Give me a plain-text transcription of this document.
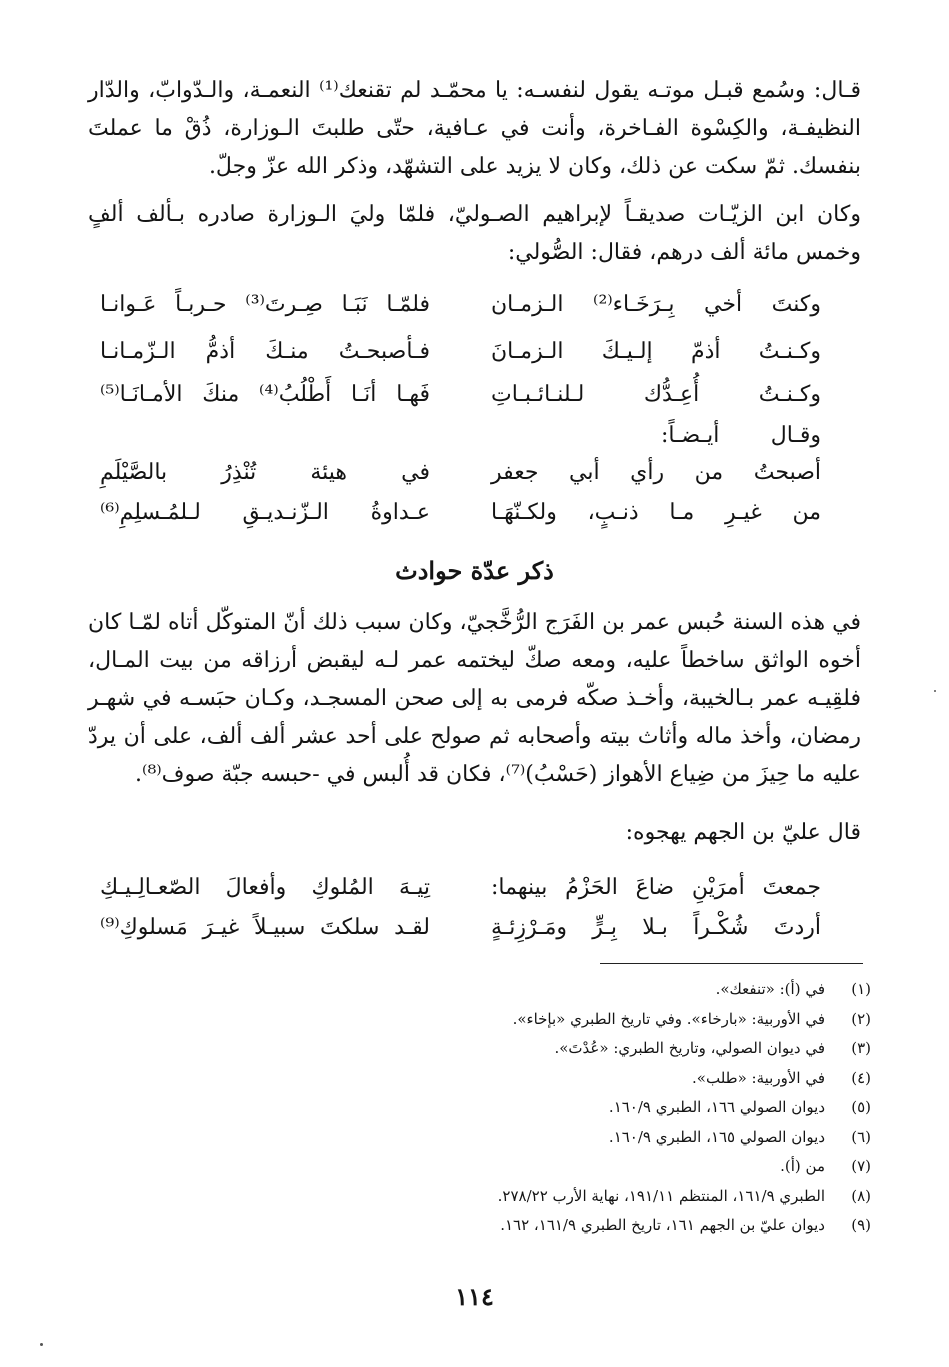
قـال: وسُمع قبـل موتـه يقول لنفسـه: يا محمّـد لم تقنعك⁽¹⁾ النعمـة، والـدّوابّ، والدّار النظيفـة، والكِسْوة الفـاخرة، وأنت في عـافية، حتّى طلبتَ الـوزارة، ذُقْ ما عملتَ بنفسك. ثمّ سكت عن ذلك، وكان لا يزيد على التشهّد، وذكر الله عزّ وجلّ.

وكان ابن الزيّـات صديقـاً لإبراهيم الصـوليّ، فلمّا وليَ الـوزارة صادره بـألف ألفٍ وخمس مائة ألف درهم، فقال: الصُّولي:

وكنتَ أخي بِـرَخَـاء⁽²⁾ الـزمـان
فلمّـا نَبَـا صِـرتَ⁽³⁾ حـربـاً عَـوانـا
وكـنـتُ أذمّ إلـيـكَ الـزمـانَ
فـأصبحـتُ منـكَ أذمُّ الـزّمـانـا
وكـنـتُ أُعِـدُّك لـلنـائـبـاتِ
فَهـا أنَـا أَطْلُبُ⁽⁴⁾ منكَ الأمـانَـا⁽⁵⁾
وقـال أيـضـاً:
أصبحتُ من رأي أبي جعفر
في هيئة تُنْذِرُ بالصَّيْلَمِ
من غيـرِ مـا ذنـبٍ، ولكـنّهَـا
عـداوةُ الـزّنـديـقِ لـلمُـسلِمِ⁽⁶⁾
ذكر عدّة حوادث

في هذه السنة حُبس عمر بن الفَرَج الرُّخَّجيّ، وكان سبب ذلك أنّ المتوكّل أتاه لمّـا كان أخوه الواثق ساخطاً عليه، ومعه صكّ ليختمه عمر لـه ليقبض أرزاقه من بيت المـال، فلقِيـه عمر بـالخيبة، وأخـذ صكّه فرمى به إلى صحن المسجـد، وكـان حبَسـه في شهـر رمضان، وأخذ ماله وأثاث بيته وأصحابه ثم صولح على أحد عشر ألف ألف، على أن يردّ عليه ما حِيزَ من ضِياع الأهواز (حَسْبُ)⁽⁷⁾، فكان قد أُلبس في -حبسه جبّة صوف⁽⁸⁾.

قال عليّ بن الجهم يهجوه:

جمعتَ أمرَيْنِ ضاعَ الحَزْمُ بينهما:
تِيـهَ المُلوكِ وأفعالَ الصّعـالِـيـكِ
أردتَ شُكْـراً بـلا بِـرٍّ ومَـرْزِئـةٍ
لقـد سلكتَ سبيـلاً غيـرَ مَسلوكِ⁽⁹⁾
(١)في (أ): «تنفعك».
(٢)في الأوربية: «بارخاء». وفي تاريخ الطبري «بإخاء».
(٣)في ديوان الصولي، وتاريخ الطبري: «عُدْتَ».
(٤)في الأوربية: «طلب».
(٥)ديوان الصولي ١٦٦، الطبري ١٦٠/٩.
(٦)ديوان الصولي ١٦٥، الطبري ١٦٠/٩.
(٧)من (أ).
(٨)الطبري ١٦١/٩، المنتظم ١٩١/١١، نهاية الأرب ٢٧٨/٢٢.
(٩)ديوان عليّ بن الجهم ١٦١، تاريخ الطبري ١٦١/٩، ١٦٢.
١١٤
